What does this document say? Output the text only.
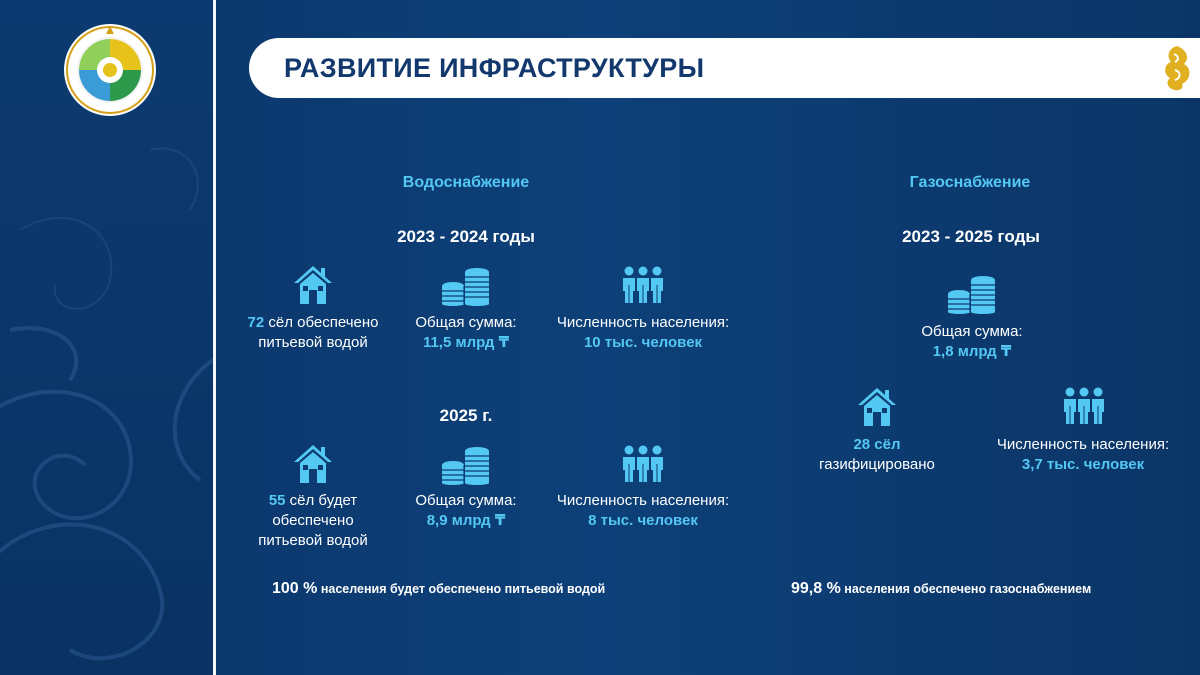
РАЗВИТИЕ ИНФРАСТРУКТУРЫ
Водоснабжение
2023 - 2024 годы
72 сёл обеспечено
питьевой водой
Общая сумма:
11,5 млрд ₸
Численность населения:
10 тыс. человек
2025 г.
55 сёл будет
обеспечено
питьевой водой
Общая сумма:
8,9 млрд ₸
Численность населения:
8 тыс. человек
100 % населения будет обеспечено питьевой водой
Газоснабжение
2023 - 2025 годы
Общая сумма:
1,8 млрд ₸
28 сёл
газифицировано
Численность населения:
3,7 тыс. человек
99,8 % населения обеспечено газоснабжением
